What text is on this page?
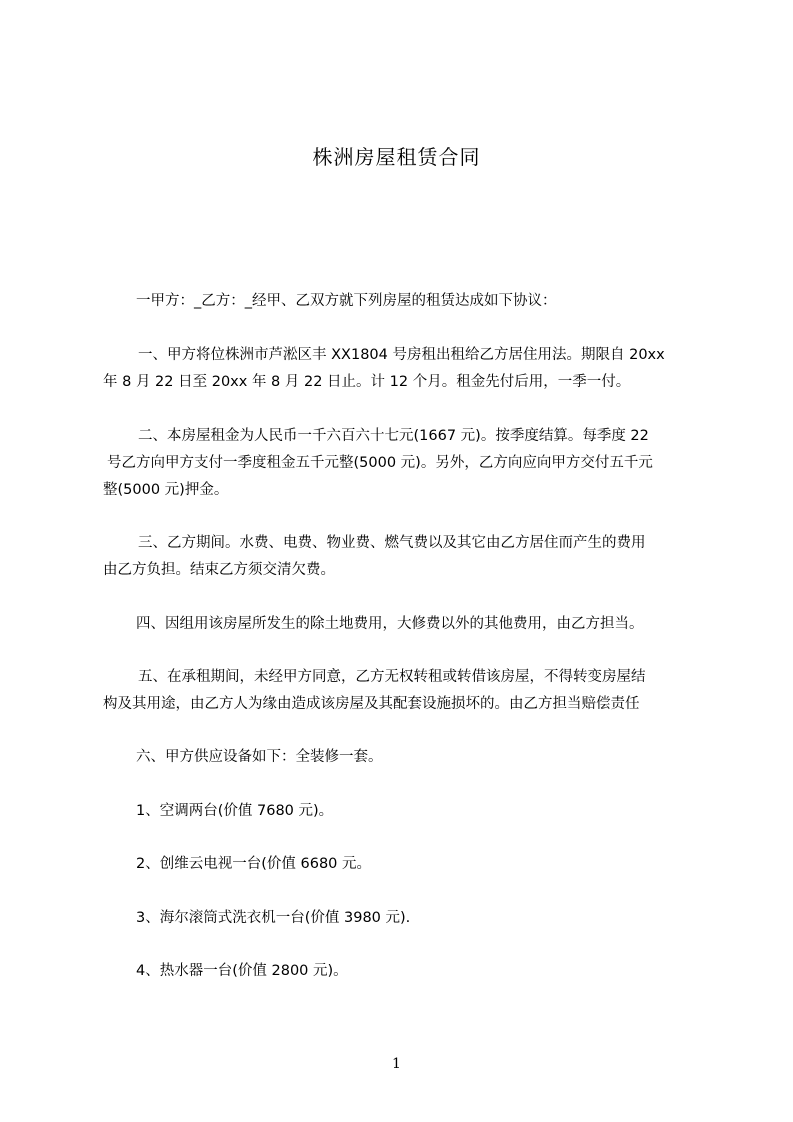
株洲房屋租赁合同
一甲方：_乙方：_经甲、乙双方就下列房屋的租赁达成如下协议：
一、甲方将位株洲市芦淞区丰 XX1804 号房租出租给乙方居住用法。期限自 20xx
年 8 月 22 日至 20xx 年 8 月 22 日止。计 12 个月。租金先付后用，一季一付。
二、本房屋租金为人民币一千六百六十七元(1667 元)。按季度结算。每季度 22
号乙方向甲方支付一季度租金五千元整(5000 元)。另外，乙方向应向甲方交付五千元
整(5000 元)押金。
三、乙方期间。水费、电费、物业费、燃气费以及其它由乙方居住而产生的费用
由乙方负担。结束乙方须交清欠费。
四、因组用该房屋所发生的除土地费用，大修费以外的其他费用，由乙方担当。
五、在承租期间，未经甲方同意，乙方无权转租或转借该房屋，不得转变房屋结
构及其用途，由乙方人为缘由造成该房屋及其配套设施损坏的。由乙方担当赔偿责任
六、甲方供应设备如下：全装修一套。
1、空调两台(价值 7680 元)。
2、创维云电视一台(价值 6680 元。
3、海尔滚筒式洗衣机一台(价值 3980 元).
4、热水器一台(价值 2800 元)。
1
